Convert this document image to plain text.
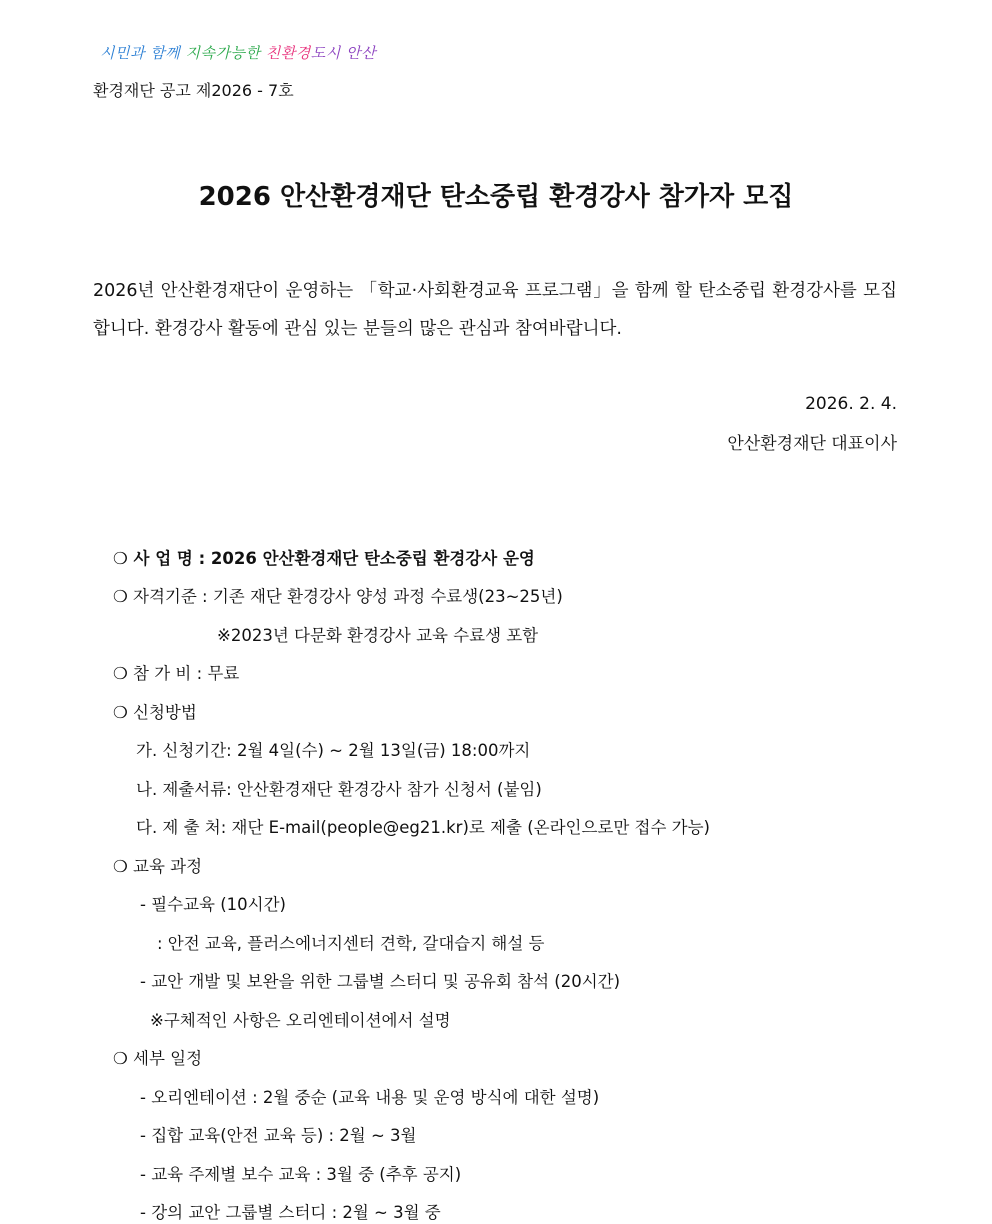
시민과 함께 지속가능한 친환경도시 안산
환경재단 공고 제2026 - 7호
2026 안산환경재단 탄소중립 환경강사 참가자 모집
2026년 안산환경재단이 운영하는 「학교·사회환경교육 프로그램」을 함께 할 탄소중립 환경강사를 모집합니다. 환경강사 활동에 관심 있는 분들의 많은 관심과 참여바랍니다.
2026. 2. 4.
안산환경재단 대표이사
❍ 사 업 명 : 2026 안산환경재단 탄소중립 환경강사 운영
❍ 자격기준 : 기존 재단 환경강사 양성 과정 수료생(23~25년)
※2023년 다문화 환경강사 교육 수료생 포함
❍ 참 가 비 : 무료
❍ 신청방법
가. 신청기간: 2월 4일(수) ~ 2월 13일(금) 18:00까지
나. 제출서류: 안산환경재단 환경강사 참가 신청서 (붙임)
다. 제 출 처: 재단 E-mail(people@eg21.kr)로 제출 (온라인으로만 접수 가능)
❍ 교육 과정
- 필수교육 (10시간)
: 안전 교육, 플러스에너지센터 견학, 갈대습지 해설 등
- 교안 개발 및 보완을 위한 그룹별 스터디 및 공유회 참석 (20시간)
※구체적인 사항은 오리엔테이션에서 설명
❍ 세부 일정
- 오리엔테이션 : 2월 중순 (교육 내용 및 운영 방식에 대한 설명)
- 집합 교육(안전 교육 등) : 2월 ~ 3월
- 교육 주제별 보수 교육 : 3월 중 (추후 공지)
- 강의 교안 그룹별 스터디 : 2월 ~ 3월 중
